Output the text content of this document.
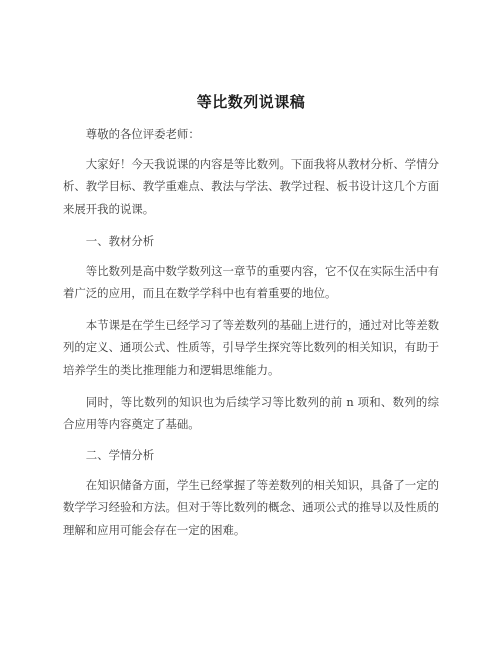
等比数列说课稿

尊敬的各位评委老师：

大家好！今天我说课的内容是等比数列。下面我将从教材分析、学情分析、教学目标、教学重难点、教法与学法、教学过程、板书设计这几个方面来展开我的说课。

一、教材分析

等比数列是高中数学数列这一章节的重要内容，它不仅在实际生活中有着广泛的应用，而且在数学学科中也有着重要的地位。

本节课是在学生已经学习了等差数列的基础上进行的，通过对比等差数列的定义、通项公式、性质等，引导学生探究等比数列的相关知识，有助于培养学生的类比推理能力和逻辑思维能力。

同时，等比数列的知识也为后续学习等比数列的前 n 项和、数列的综合应用等内容奠定了基础。

二、学情分析

在知识储备方面，学生已经掌握了等差数列的相关知识，具备了一定的数学学习经验和方法。但对于等比数列的概念、通项公式的推导以及性质的理解和应用可能会存在一定的困难。
